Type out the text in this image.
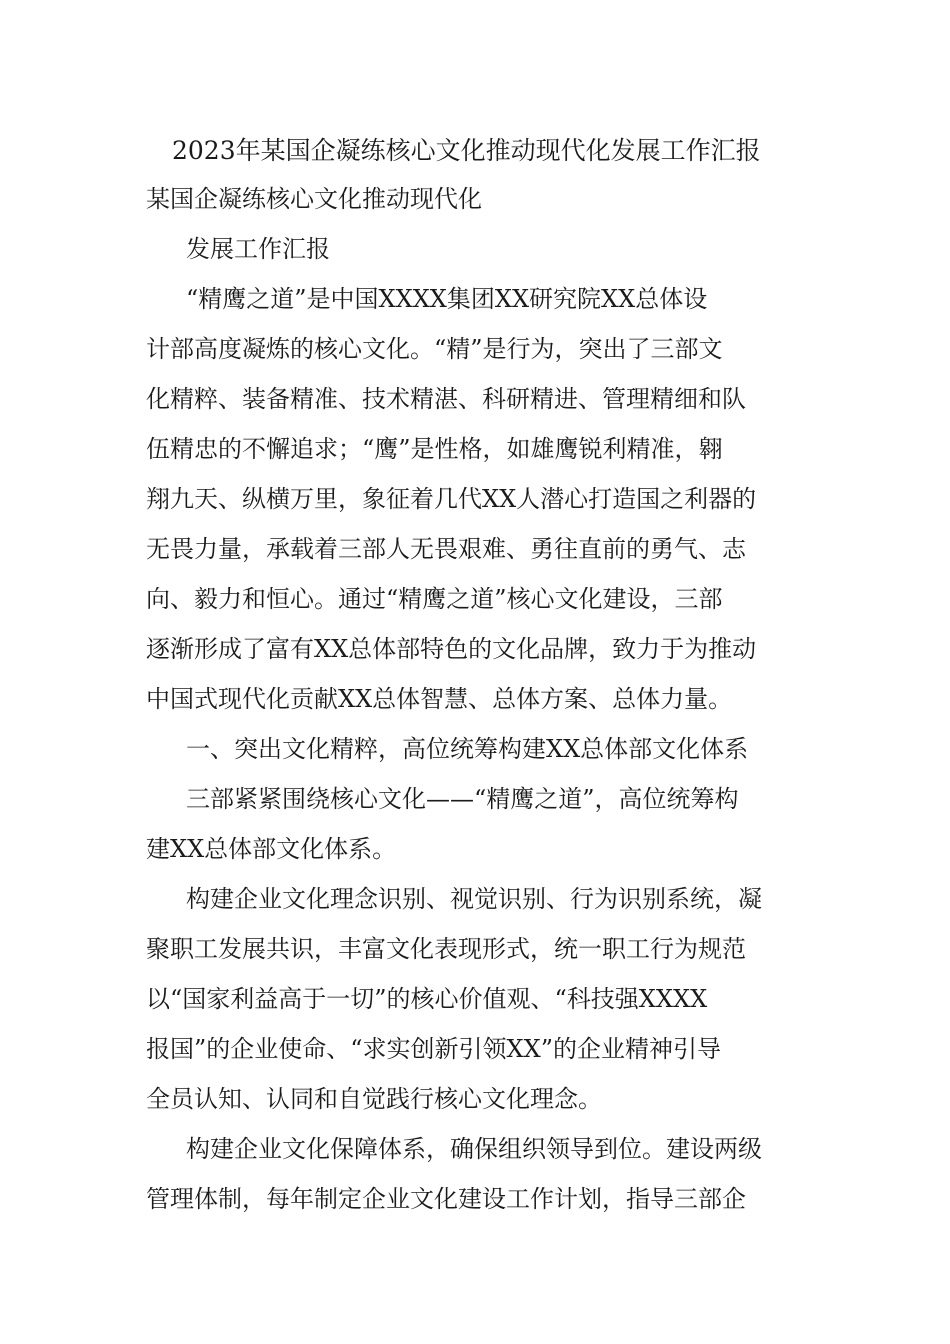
2023年某国企凝练核心文化推动现代化发展工作汇报
某国企凝练核心文化推动现代化
发展工作汇报
“精鹰之道”是中国XXXX集团XX研究院XX总体设
计部高度凝炼的核心文化。“精”是行为，突出了三部文
化精粹、装备精准、技术精湛、科研精进、管理精细和队
伍精忠的不懈追求；“鹰”是性格，如雄鹰锐利精准，翱
翔九天、纵横万里，象征着几代XX人潜心打造国之利器的
无畏力量，承载着三部人无畏艰难、勇往直前的勇气、志
向、毅力和恒心。通过“精鹰之道”核心文化建设，三部
逐渐形成了富有XX总体部特色的文化品牌，致力于为推动
中国式现代化贡献XX总体智慧、总体方案、总体力量。
一、突出文化精粹，高位统筹构建XX总体部文化体系
三部紧紧围绕核心文化——“精鹰之道”，高位统筹构
建XX总体部文化体系。
构建企业文化理念识别、视觉识别、行为识别系统，凝
聚职工发展共识，丰富文化表现形式，统一职工行为规范
以“国家利益高于一切”的核心价值观、“科技强XXXX
报国”的企业使命、“求实创新引领XX”的企业精神引导
全员认知、认同和自觉践行核心文化理念。
构建企业文化保障体系，确保组织领导到位。建设两级
管理体制，每年制定企业文化建设工作计划，指导三部企
